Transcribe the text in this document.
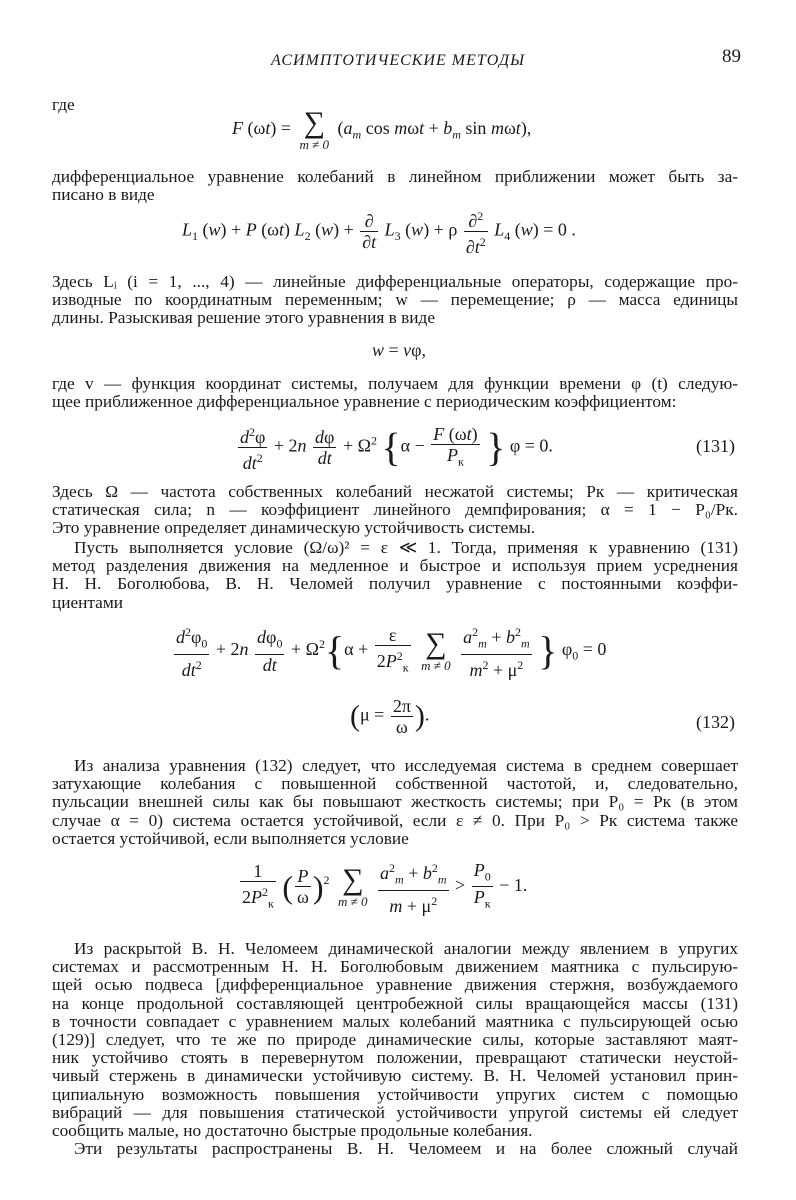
АСИМПТОТИЧЕСКИЕ МЕТОДЫ	89
где
F (ωt) = ∑
m ≠ 0
($a_m$ $\cos m\omega t + b_m$ sin mωt),
дифференциальное уравнение колебаний в линейном приближении может быть за-
писано в виде
$L_1$ (w) + P (ωt) $L_2$ $(w) + \frac{\partial}{\partial t} L_3$ (w) + ρ $\frac{\partial^2}{\partial t^2} L_4$ (w) = 0 .
Здесь Lᵢ (i = 1, ..., 4) — линейные дифференциальные операторы, содержащие про-
изводные по координатным переменным; w — перемещение; ρ — масса единицы
длины. Разыскивая решение этого уравнения в виде
w = vφ,
где v — функция координат системы, получаем для функции времени φ (t) следую-
щее приближенное дифференциальное уравнение с периодическим коэффициентом:
$\frac{d^2\varphi}{dt^2} + 2n \frac{d\varphi}{dt} + \Omega^2$ {$\alpha - \frac{F (\omega t)}{P_к}$ } φ = 0.	(131)
Здесь Ω — частота собственных колебаний несжатой системы; Pк — критическая
статическая сила; n — коэффициент линейного демпфирования; α = 1 − P₀/Pк.
Это уравнение определяет динамическую устойчивость системы.
Пусть выполняется условие (Ω/ω)² = ε ≪ 1. Тогда, применяя к уравнению (131)
метод разделения движения на медленное и быстрое и используя прием усреднения
Н. Н. Боголюбова, В. Н. Челомей получил уравнение с постоянными коэффи-
циентами
$\frac{d^2\varphi_0}{dt^2} + 2n \frac{d\varphi_0}{dt} + \Omega^2\{\alpha + \frac{\varepsilon}{2P^2_к}$
∑
m ≠ 0
$\frac{a^2_m + b^2_m}{m^2 + \mu^2}$ } $\varphi_0 = 0$
($\mu = \frac{2\pi}{\omega}$ ).	(132)
Из анализа уравнения (132) следует, что исследуемая система в среднем совершает
затухающие колебания с повышенной собственной частотой, и, следовательно,
пульсации внешней силы как бы повышают жесткость системы; при P₀ = Pк (в этом
случае α = 0) система остается устойчивой, если ε ≠ 0. При P₀ > Pк система также
остается устойчивой, если выполняется условие
$\frac{1}{2P^2_к}$ ( $\frac{P}{\omega} )^2$ ∑
m ≠ 0
$\frac{a^2_m + b^2_m}{m + \mu^2} > \frac{P_0}{P_к} - 1$.
Из раскрытой В. Н. Челомеем динамической аналогии между явлением в упругих
системах и рассмотренным Н. Н. Боголюбовым движением маятника с пульсирую-
щей осью подвеса [дифференциальное уравнение движения стержня, возбуждаемого
на конце продольной составляющей центробежной силы вращающейся массы (131)
в точности совпадает с уравнением малых колебаний маятника с пульсирующей осью
(129)] следует, что те же по природе динамические силы, которые заставляют маят-
ник устойчиво стоять в перевернутом положении, превращают статически неустой-
чивый стержень в динамически устойчивую систему. В. Н. Челомей установил прин-
ципиальную возможность повышения устойчивости упругих систем с помощью
вибраций — для повышения статической устойчивости упругой системы ей следует
сообщить малые, но достаточно быстрые продольные колебания.
Эти результаты распространены В. Н. Челомеем и на более сложный случай
